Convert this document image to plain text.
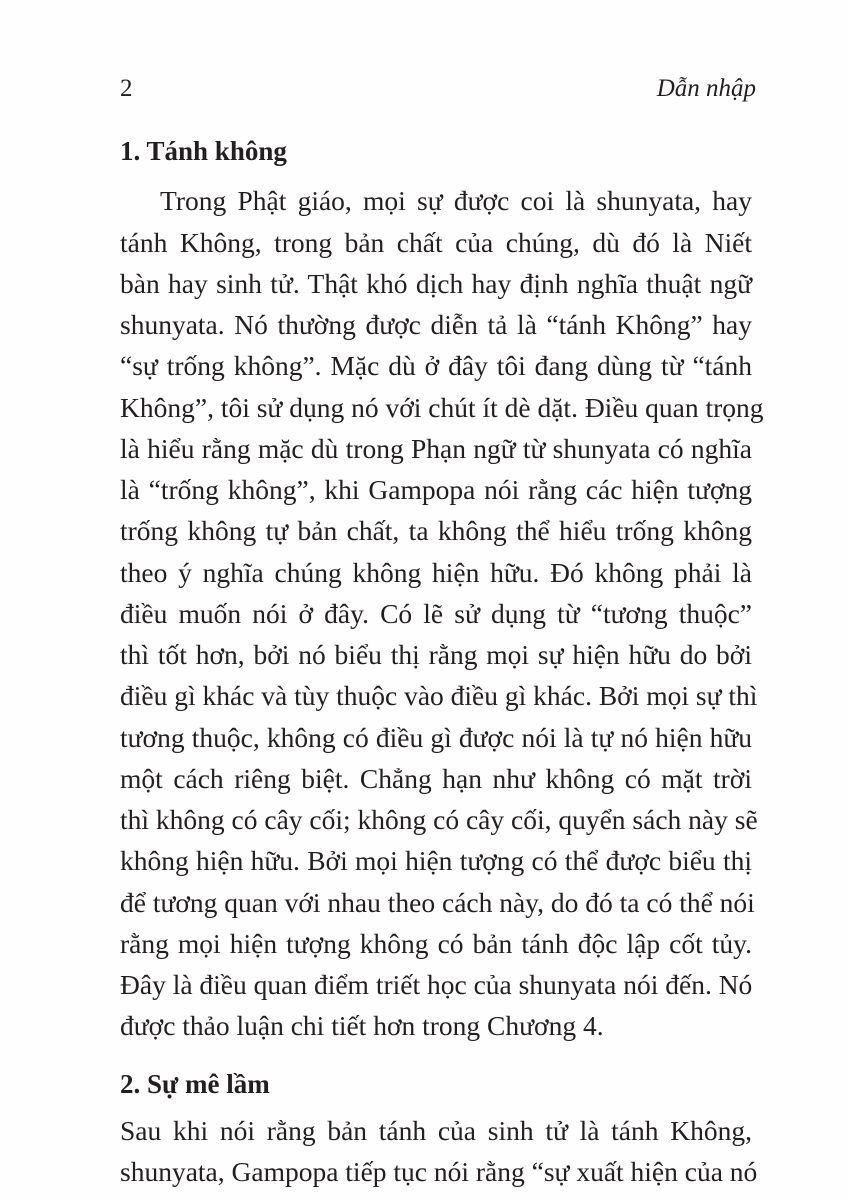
2	Dẫn nhập
1. Tánh không
Trong Phật giáo, mọi sự được coi là shunyata, hay
tánh Không, trong bản chất của chúng, dù đó là Niết
bàn hay sinh tử. Thật khó dịch hay định nghĩa thuật ngữ
shunyata. Nó thường được diễn tả là “tánh Không” hay
“sự trống không”. Mặc dù ở đây tôi đang dùng từ “tánh
Không”, tôi sử dụng nó với chút ít dè dặt. Điều quan trọng
là hiểu rằng mặc dù trong Phạn ngữ từ shunyata có nghĩa
là “trống không”, khi Gampopa nói rằng các hiện tượng
trống không tự bản chất, ta không thể hiểu trống không
theo ý nghĩa chúng không hiện hữu. Đó không phải là
điều muốn nói ở đây. Có lẽ sử dụng từ “tương thuộc”
thì tốt hơn, bởi nó biểu thị rằng mọi sự hiện hữu do bởi
điều gì khác và tùy thuộc vào điều gì khác. Bởi mọi sự thì
tương thuộc, không có điều gì được nói là tự nó hiện hữu
một cách riêng biệt. Chẳng hạn như không có mặt trời
thì không có cây cối; không có cây cối, quyển sách này sẽ
không hiện hữu. Bởi mọi hiện tượng có thể được biểu thị
để tương quan với nhau theo cách này, do đó ta có thể nói
rằng mọi hiện tượng không có bản tánh độc lập cốt tủy.
Đây là điều quan điểm triết học của shunyata nói đến. Nó
được thảo luận chi tiết hơn trong Chương 4.
2. Sự mê lầm
Sau khi nói rằng bản tánh của sinh tử là tánh Không,
shunyata, Gampopa tiếp tục nói rằng “sự xuất hiện của nó
